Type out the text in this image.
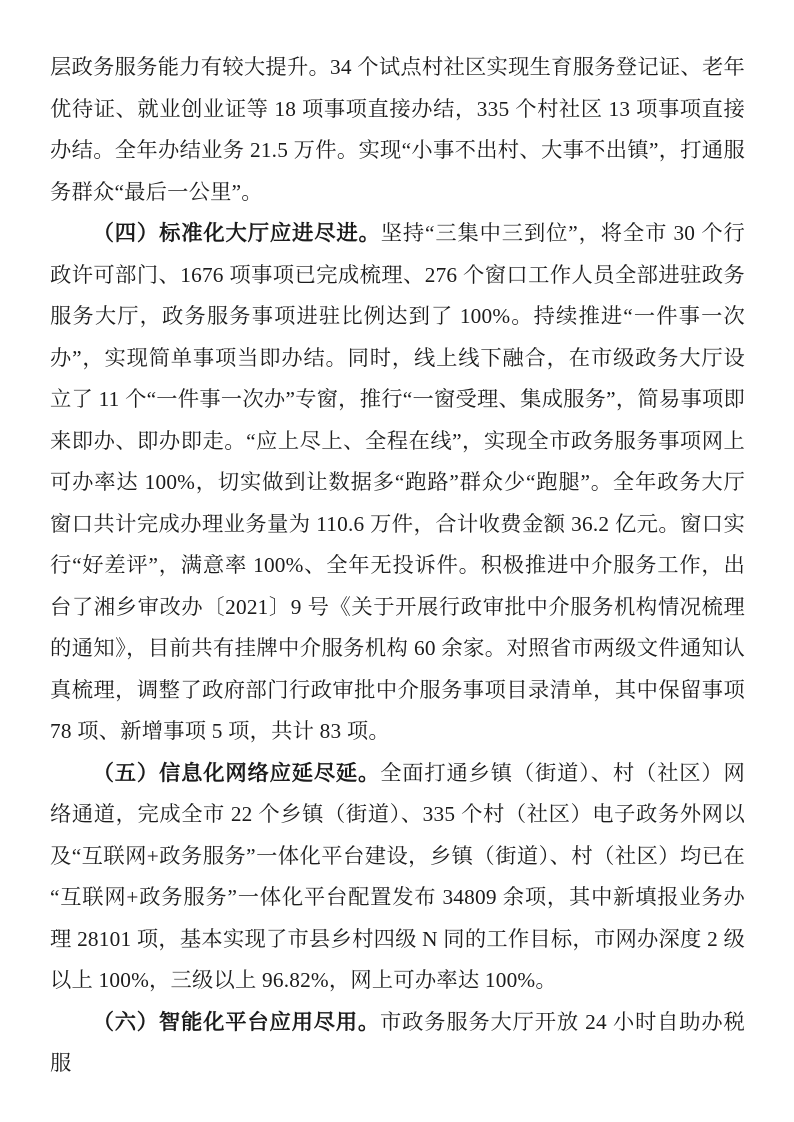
层政务服务能力有较大提升。34 个试点村社区实现生育服务登记证、老年优待证、就业创业证等 18 项事项直接办结，335 个村社区 13 项事项直接办结。全年办结业务 21.5 万件。实现“小事不出村、大事不出镇”，打通服务群众“最后一公里”。

（四）标准化大厅应进尽进。坚持“三集中三到位”，将全市 30 个行政许可部门、1676 项事项已完成梳理、276 个窗口工作人员全部进驻政务服务大厅，政务服务事项进驻比例达到了 100%。持续推进“一件事一次办”，实现简单事项当即办结。同时，线上线下融合，在市级政务大厅设立了 11 个“一件事一次办”专窗，推行“一窗受理、集成服务”，简易事项即来即办、即办即走。“应上尽上、全程在线”，实现全市政务服务事项网上可办率达 100%，切实做到让数据多“跑路”群众少“跑腿”。全年政务大厅窗口共计完成办理业务量为 110.6 万件，合计收费金额 36.2 亿元。窗口实行“好差评”，满意率 100%、全年无投诉件。积极推进中介服务工作，出台了湘乡审改办〔2021〕9 号《关于开展行政审批中介服务机构情况梳理的通知》，目前共有挂牌中介服务机构 60 余家。对照省市两级文件通知认真梳理，调整了政府部门行政审批中介服务事项目录清单，其中保留事项 78 项、新增事项 5 项，共计 83 项。

（五）信息化网络应延尽延。全面打通乡镇（街道）、村（社区）网络通道，完成全市 22 个乡镇（街道）、335 个村（社区）电子政务外网以及“互联网+政务服务”一体化平台建设，乡镇（街道）、村（社区）均已在“互联网+政务服务”一体化平台配置发布 34809 余项，其中新填报业务办理 28101 项，基本实现了市县乡村四级 N 同的工作目标，市网办深度 2 级以上 100%，三级以上 96.82%，网上可办率达 100%。

（六）智能化平台应用尽用。市政务服务大厅开放 24 小时自助办税服
